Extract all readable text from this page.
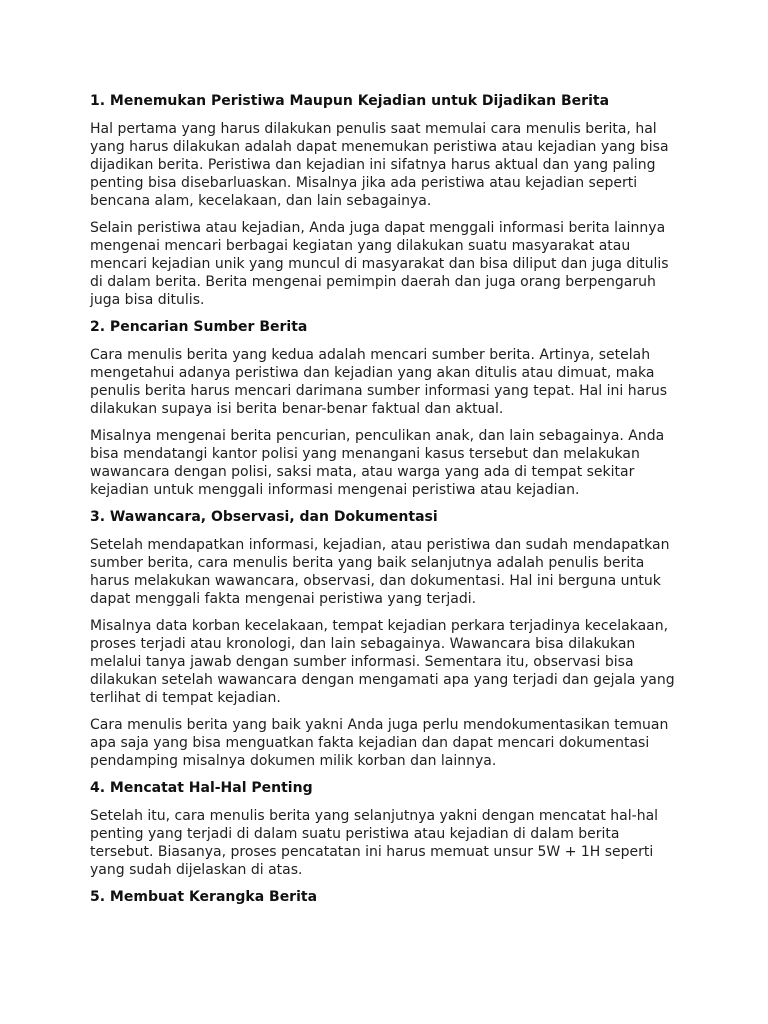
1. Menemukan Peristiwa Maupun Kejadian untuk Dijadikan Berita

Hal pertama yang harus dilakukan penulis saat memulai cara menulis berita, hal yang harus dilakukan adalah dapat menemukan peristiwa atau kejadian yang bisa dijadikan berita. Peristiwa dan kejadian ini sifatnya harus aktual dan yang paling penting bisa disebarluaskan. Misalnya jika ada peristiwa atau kejadian seperti bencana alam, kecelakaan, dan lain sebagainya.

Selain peristiwa atau kejadian, Anda juga dapat menggali informasi berita lainnya mengenai mencari berbagai kegiatan yang dilakukan suatu masyarakat atau mencari kejadian unik yang muncul di masyarakat dan bisa diliput dan juga ditulis di dalam berita. Berita mengenai pemimpin daerah dan juga orang berpengaruh juga bisa ditulis.

2. Pencarian Sumber Berita

Cara menulis berita yang kedua adalah mencari sumber berita. Artinya, setelah mengetahui adanya peristiwa dan kejadian yang akan ditulis atau dimuat, maka penulis berita harus mencari darimana sumber informasi yang tepat. Hal ini harus dilakukan supaya isi berita benar-benar faktual dan aktual.

Misalnya mengenai berita pencurian, penculikan anak, dan lain sebagainya. Anda bisa mendatangi kantor polisi yang menangani kasus tersebut dan melakukan wawancara dengan polisi, saksi mata, atau warga yang ada di tempat sekitar kejadian untuk menggali informasi mengenai peristiwa atau kejadian.

3. Wawancara, Observasi, dan Dokumentasi

Setelah mendapatkan informasi, kejadian, atau peristiwa dan sudah mendapatkan sumber berita, cara menulis berita yang baik selanjutnya adalah penulis berita harus melakukan wawancara, observasi, dan dokumentasi. Hal ini berguna untuk dapat menggali fakta mengenai peristiwa yang terjadi.

Misalnya data korban kecelakaan, tempat kejadian perkara terjadinya kecelakaan, proses terjadi atau kronologi, dan lain sebagainya. Wawancara bisa dilakukan melalui tanya jawab dengan sumber informasi. Sementara itu, observasi bisa dilakukan setelah wawancara dengan mengamati apa yang terjadi dan gejala yang terlihat di tempat kejadian.

Cara menulis berita yang baik yakni Anda juga perlu mendokumentasikan temuan apa saja yang bisa menguatkan fakta kejadian dan dapat mencari dokumentasi pendamping misalnya dokumen milik korban dan lainnya.

4. Mencatat Hal-Hal Penting

Setelah itu, cara menulis berita yang selanjutnya yakni dengan mencatat hal-hal penting yang terjadi di dalam suatu peristiwa atau kejadian di dalam berita tersebut. Biasanya, proses pencatatan ini harus memuat unsur 5W + 1H seperti yang sudah dijelaskan di atas.

5. Membuat Kerangka Berita
